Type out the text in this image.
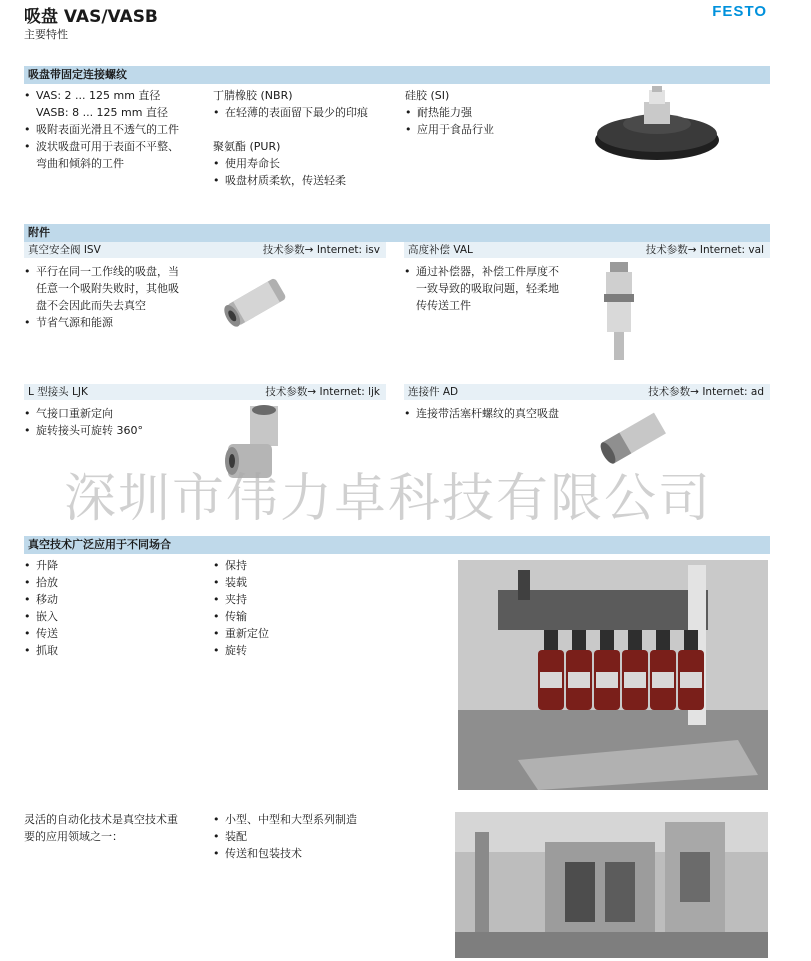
吸盘 VAS/VASB
主要特性
FESTO
吸盘带固定连接螺纹
• VAS: 2 ... 125 mm 直径
VASB: 8 ... 125 mm 直径
• 吸附表面光滑且不透气的工件
• 波状吸盘可用于表面不平整、
弯曲和倾斜的工件
丁腈橡胶 (NBR)
• 在轻薄的表面留下最少的印痕
聚氨酯 (PUR)
• 使用寿命长
• 吸盘材质柔软，传送轻柔
硅胶 (SI)
• 耐热能力强
• 应用于食品行业
附件
真空安全阀 ISV	技术参数→ Internet: isv	高度补偿 VAL	技术参数→ Internet: val
• 平行在同一工作线的吸盘，当
任意一个吸附失败时，其他吸
盘不会因此而失去真空
• 节省气源和能源
• 通过补偿器，补偿工件厚度不
一致导致的吸取问题，轻柔地
传传送工件
L 型接头 LJK	技术参数→ Internet: ljk	连接件 AD	技术参数→ Internet: ad
• 气接口重新定向
• 旋转接头可旋转 360°
• 连接带活塞杆螺纹的真空吸盘
深圳市伟力卓科技有限公司
真空技术广泛应用于不同场合
• 升降
• 拾放
• 移动
• 嵌入
• 传送
• 抓取
• 保持
• 装载
• 夹持
• 传输
• 重新定位
• 旋转
灵活的自动化技术是真空技术重
要的应用领域之一：
• 小型、中型和大型系列制造
• 装配
• 传送和包装技术
